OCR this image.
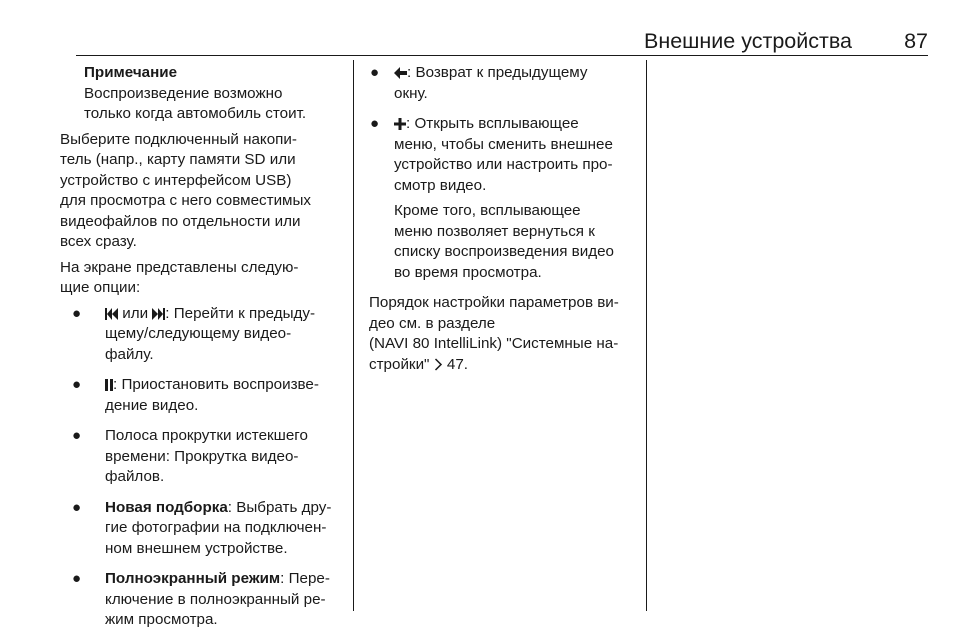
Внешние устройства 87
Примечание
Воспроизведение возможно
только когда автомобиль стоит.

Выберите подключенный накопи-
тель (напр., карту памяти SD или
устройство с интерфейсом USB)
для просмотра с него совместимых
видеофайлов по отдельности или
всех сразу.

На экране представлены следую-
щие опции:

● или : Перейти к предыду-
щему/следующему видео-
файлу.
● : Приостановить воспроизве-
дение видео.
● Полоса прокрутки истекшего
времени: Прокрутка видео-
файлов.
● Новая подборка: Выбрать дру-
гие фотографии на подключен-
ном внешнем устройстве.
● Полноэкранный режим: Пере-
ключение в полноэкранный ре-
жим просмотра.
● : Возврат к предыдущему
окну.
● : Открыть всплывающее
меню, чтобы сменить внешнее
устройство или настроить про-
смотр видео.
Кроме того, всплывающее
меню позволяет вернуться к
списку воспроизведения видео
во время просмотра.

Порядок настройки параметров ви-
део см. в разделе
(NAVI 80 IntelliLink) "Системные на-
стройки"  47.
